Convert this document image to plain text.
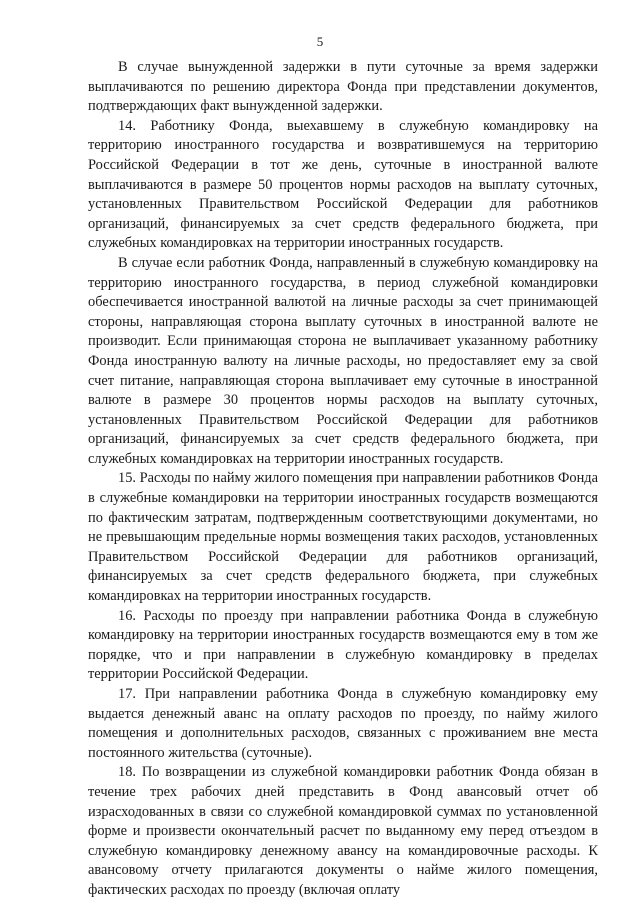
5

В случае вынужденной задержки в пути суточные за время задержки выплачиваются по решению директора Фонда при представлении документов, подтверждающих факт вынужденной задержки.

14. Работнику Фонда, выехавшему в служебную командировку на территорию иностранного государства и возвратившемуся на территорию Российской Федерации в тот же день, суточные в иностранной валюте выплачиваются в размере 50 процентов нормы расходов на выплату суточных, установленных Правительством Российской Федерации для работников организаций, финансируемых за счет средств федерального бюджета, при служебных командировках на территории иностранных государств.

В случае если работник Фонда, направленный в служебную командировку на территорию иностранного государства, в период служебной командировки обеспечивается иностранной валютой на личные расходы за счет принимающей стороны, направляющая сторона выплату суточных в иностранной валюте не производит. Если принимающая сторона не выплачивает указанному работнику Фонда иностранную валюту на личные расходы, но предоставляет ему за свой счет питание, направляющая сторона выплачивает ему суточные в иностранной валюте в размере 30 процентов нормы расходов на выплату суточных, установленных Правительством Российской Федерации для работников организаций, финансируемых за счет средств федерального бюджета, при служебных командировках на территории иностранных государств.

15. Расходы по найму жилого помещения при направлении работников Фонда в служебные командировки на территории иностранных государств возмещаются по фактическим затратам, подтвержденным соответствующими документами, но не превышающим предельные нормы возмещения таких расходов, установленных Правительством Российской Федерации для работников организаций, финансируемых за счет средств федерального бюджета, при служебных командировках на территории иностранных государств.

16. Расходы по проезду при направлении работника Фонда в служебную командировку на территории иностранных государств возмещаются ему в том же порядке, что и при направлении в служебную командировку в пределах территории Российской Федерации.

17. При направлении работника Фонда в служебную командировку ему выдается денежный аванс на оплату расходов по проезду, по найму жилого помещения и дополнительных расходов, связанных с проживанием вне места постоянного жительства (суточные).

18. По возвращении из служебной командировки работник Фонда обязан в течение трех рабочих дней представить в Фонд авансовый отчет об израсходованных в связи со служебной командировкой суммах по установленной форме и произвести окончательный расчет по выданному ему перед отъездом в служебную командировку денежному авансу на командировочные расходы. К авансовому отчету прилагаются документы о найме жилого помещения, фактических расходах по проезду (включая оплату
